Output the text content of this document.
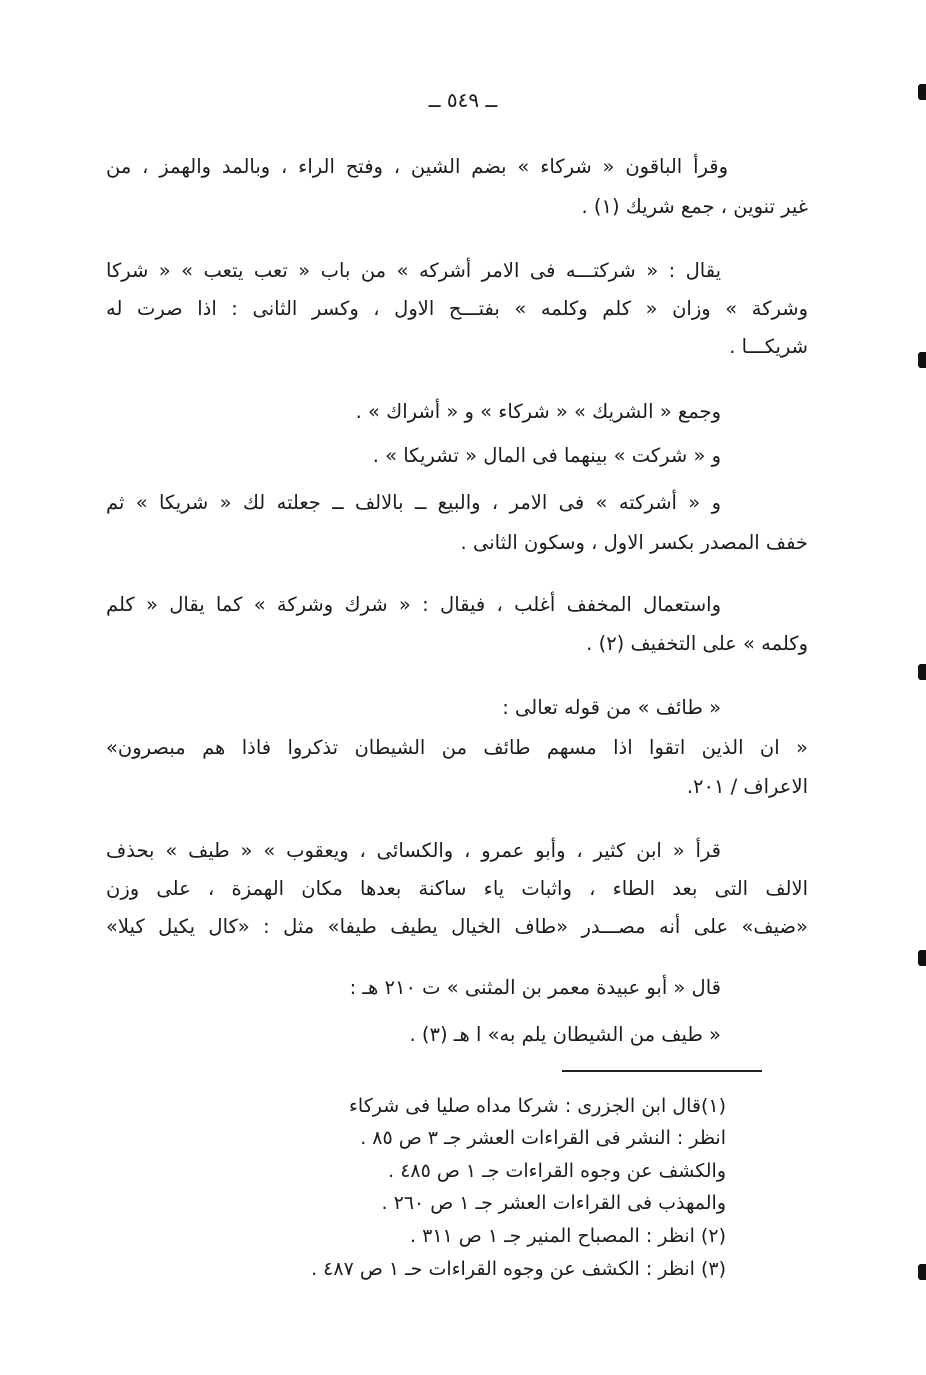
ــ ٥٤٩ ــ
وقرأ الباقون « شركاء » بضم الشين ، وفتح الراء ، وبالمد والهمز ، من
غير تنوين ، جمع شريك (١) .
يقال : « شركتـــه فى الامر أشركه » من باب « تعب يتعب » « شركا
وشركة » وزان « كلم وكلمه » بفتـــح الاول ، وكسر الثانى : اذا صرت له
شريكـــا .
وجمع « الشريك » « شركاء » و « أشراك » .
و « شركت » بينهما فى المال « تشريكا » .
و « أشركته » فى الامر ، والبيع ــ بالالف ــ جعلته لك « شريكا » ثم
خفف المصدر بكسر الاول ، وسكون الثانى .
واستعمال المخفف أغلب ، فيقال : « شرك وشركة » كما يقال « كلم
وكلمه » على التخفيف (٢) .
« طائف » من قوله تعالى :
« ان الذين اتقوا اذا مسهم طائف من الشيطان تذكروا فاذا هم مبصرون»
الاعراف / ٢٠١.
قرأ « ابن كثير ، وأبو عمرو ، والكسائى ، ويعقوب » « طيف » بحذف
الالف التى بعد الطاء ، واثبات ياء ساكنة بعدها مكان الهمزة ، على وزن
«ضيف» على أنه مصـــدر «طاف الخيال يطيف طيفا» مثل : «كال يكيل كيلا»
قال « أبو عبيدة معمر بن المثنى » ت ٢١٠ هـ :
« طيف من الشيطان يلم به» ا هـ (٣) .
(١)قال ابن الجزرى : شركا مداه صليا فى شركاء
انظر : النشر فى القراءات العشر جـ ٣ ص ٨٥ .
والكشف عن وجوه القراءات جـ ١ ص ٤٨٥ .
والمهذب فى القراءات العشر جـ ١ ص ٢٦٠ .
(٢) انظر : المصباح المنير جـ ١ ص ٣١١ .
(٣) انظر : الكشف عن وجوه القراءات حـ ١ ص ٤٨٧ .
